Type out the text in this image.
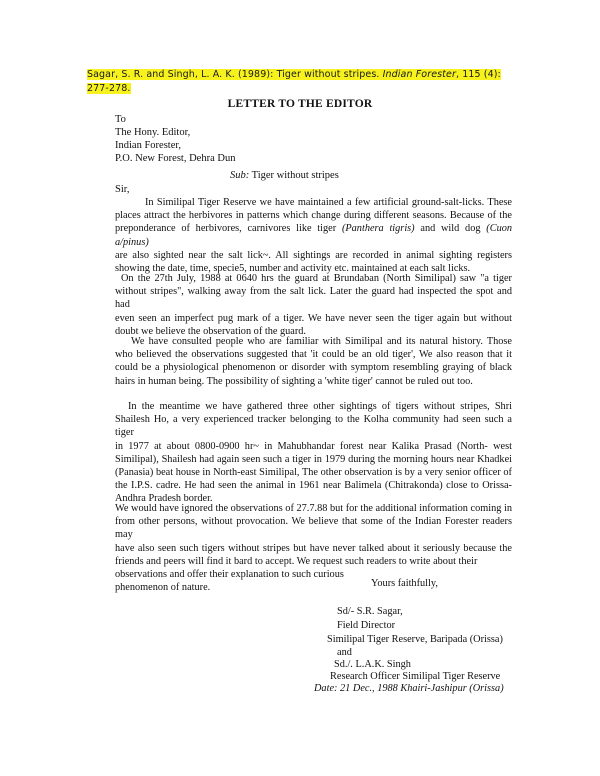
Sagar, S. R. and Singh, L. A. K. (1989): Tiger without stripes. Indian Forester, 115 (4):
277-278.
LETTER TO THE EDITOR
To
The Hony. Editor,
Indian Forester,
P.O. New Forest, Dehra Dun
Sub: Tiger without stripes
Sir,
In Similipal Tiger Reserve we have maintained a few artificial ground-salt-licks. These
places attract the herbivores in patterns which change during different seasons. Because of the
preponderance of herbivores, carnivores like tiger (Panthera tigris) and wild dog (Cuon a/pinus)
are also sighted near the salt lick~. All sightings are recorded in animal sighting registers
showing the date, time, specie5, number and activity etc. maintained at each salt licks.
On the 27th July, 1988 at 0640 hrs the guard at Brundaban (North Similipal) saw "a tiger
without stripes", walking away from the salt lick. Later the guard had inspected the spot and had
even seen an imperfect pug mark of a tiger. We have never seen the tiger again but without
doubt we believe the observation of the guard.
We have consulted people who are familiar with Similipal and its natural history. Those
who believed the observations suggested that 'it could be an old tiger', We also reason that it
could be a physiological phenomenon or disorder with symptom resembling graying of black
hairs in human being. The possibility of sighting a 'white tiger' cannot be ruled out too.
In the meantime we have gathered three other sightings of tigers without stripes, Shri
Shailesh Ho, a very experienced tracker belonging to the Kolha community had seen such a tiger
in 1977 at about 0800-0900 hr~ in Mahubhandar forest near Kalika Prasad (North- west
Similipal), Shailesh had again seen such a tiger in 1979 during the morning hours near Khadkei
(Panasia) beat house in North-east Similipal, The other observation is by a very senior officer of
the I.P.S. cadre. He had seen the animal in 1961 near Balimela (Chitrakonda) close to Orissa-
Andhra Pradesh border.
We would have ignored the observations of 27.7.88 but for the additional information coming in
from other persons, without provocation. We believe that some of the Indian Forester readers may
have also seen such tigers without stripes but have never talked about it seriously because the
friends and peers will find it bard to accept. We request such readers to write about their
observations and offer their explanation to such curious
phenomenon of nature.	Yours faithfully,
Sd/- S.R. Sagar,
Field Director
Similipal Tiger Reserve, Baripada (Orissa)
and
Sd./. L.A.K. Singh
Research Officer Similipal Tiger Reserve
Date: 21 Dec., 1988 Khairi-Jashipur (Orissa)
